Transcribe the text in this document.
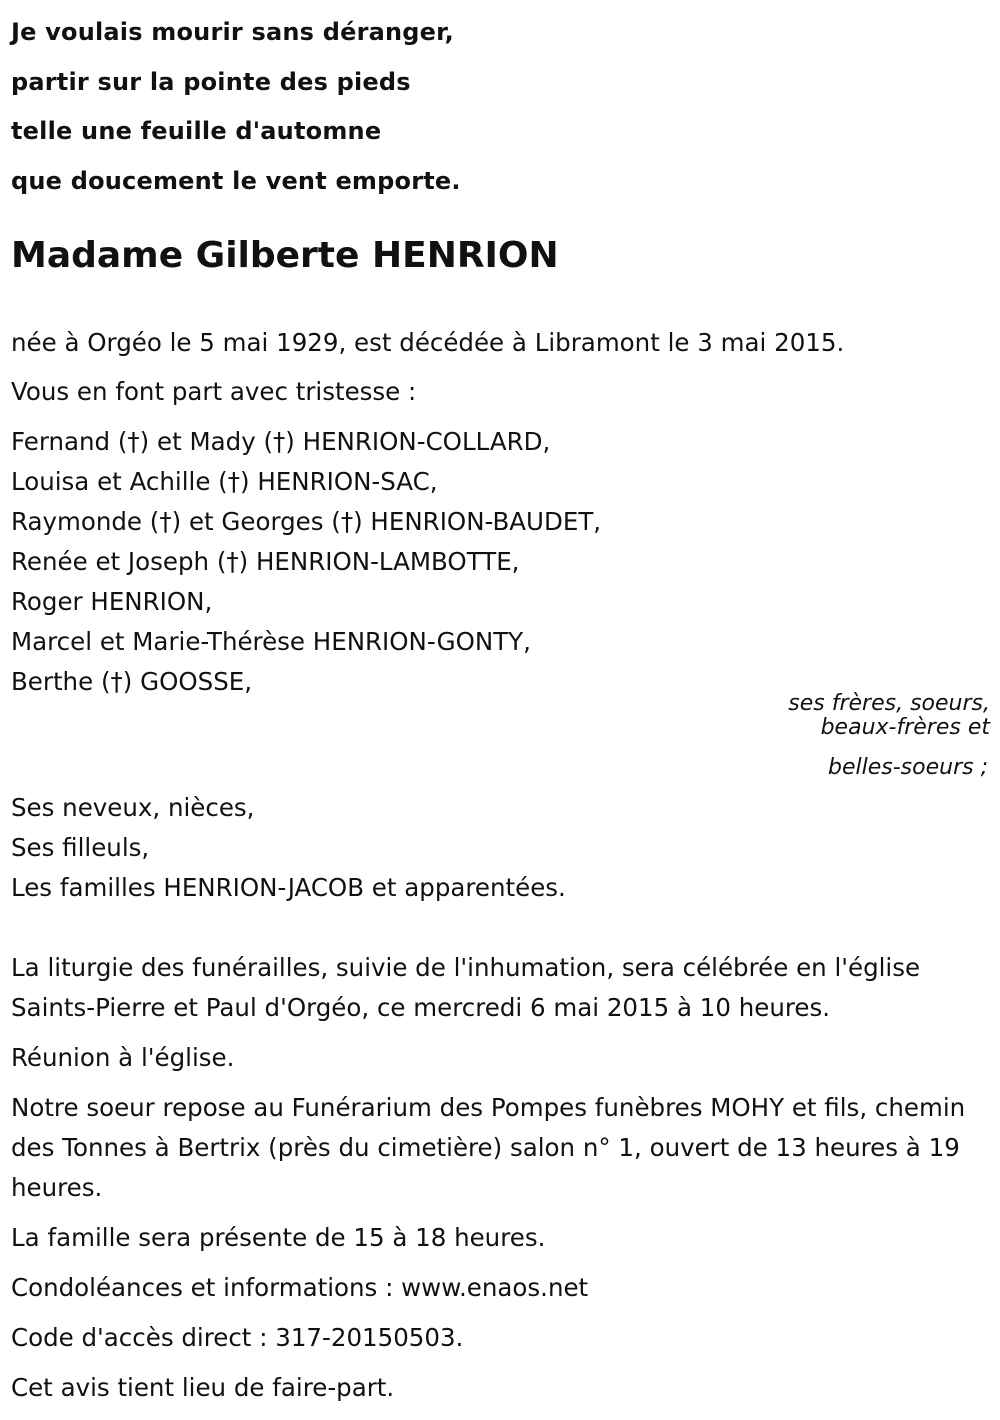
Je voulais mourir sans déranger,
partir sur la pointe des pieds
telle une feuille d'automne
que doucement le vent emporte.
Madame Gilberte HENRION
née à Orgéo le 5 mai 1929, est décédée à Libramont le 3 mai 2015.
Vous en font part avec tristesse :
Fernand (†) et Mady (†) HENRION-COLLARD,
Louisa et Achille (†) HENRION-SAC,
Raymonde (†) et Georges (†) HENRION-BAUDET,
Renée et Joseph (†) HENRION-LAMBOTTE,
Roger HENRION,
Marcel et Marie-Thérèse HENRION-GONTY,
Berthe (†) GOOSSE,
ses frères, soeurs,
beaux-frères et
belles-soeurs ;
Ses neveux, nièces,
Ses filleuls,
Les familles HENRION-JACOB et apparentées.

La liturgie des funérailles, suivie de l'inhumation, sera célébrée en l'église Saints-Pierre et Paul d'Orgéo, ce mercredi 6 mai 2015 à 10 heures.

Réunion à l'église.

Notre soeur repose au Funérarium des Pompes funèbres MOHY et fils, chemin des Tonnes à Bertrix (près du cimetière) salon n° 1, ouvert de 13 heures à 19 heures.

La famille sera présente de 15 à 18 heures.

Condoléances et informations : www.enaos.net

Code d'accès direct : 317-20150503.

Cet avis tient lieu de faire-part.
